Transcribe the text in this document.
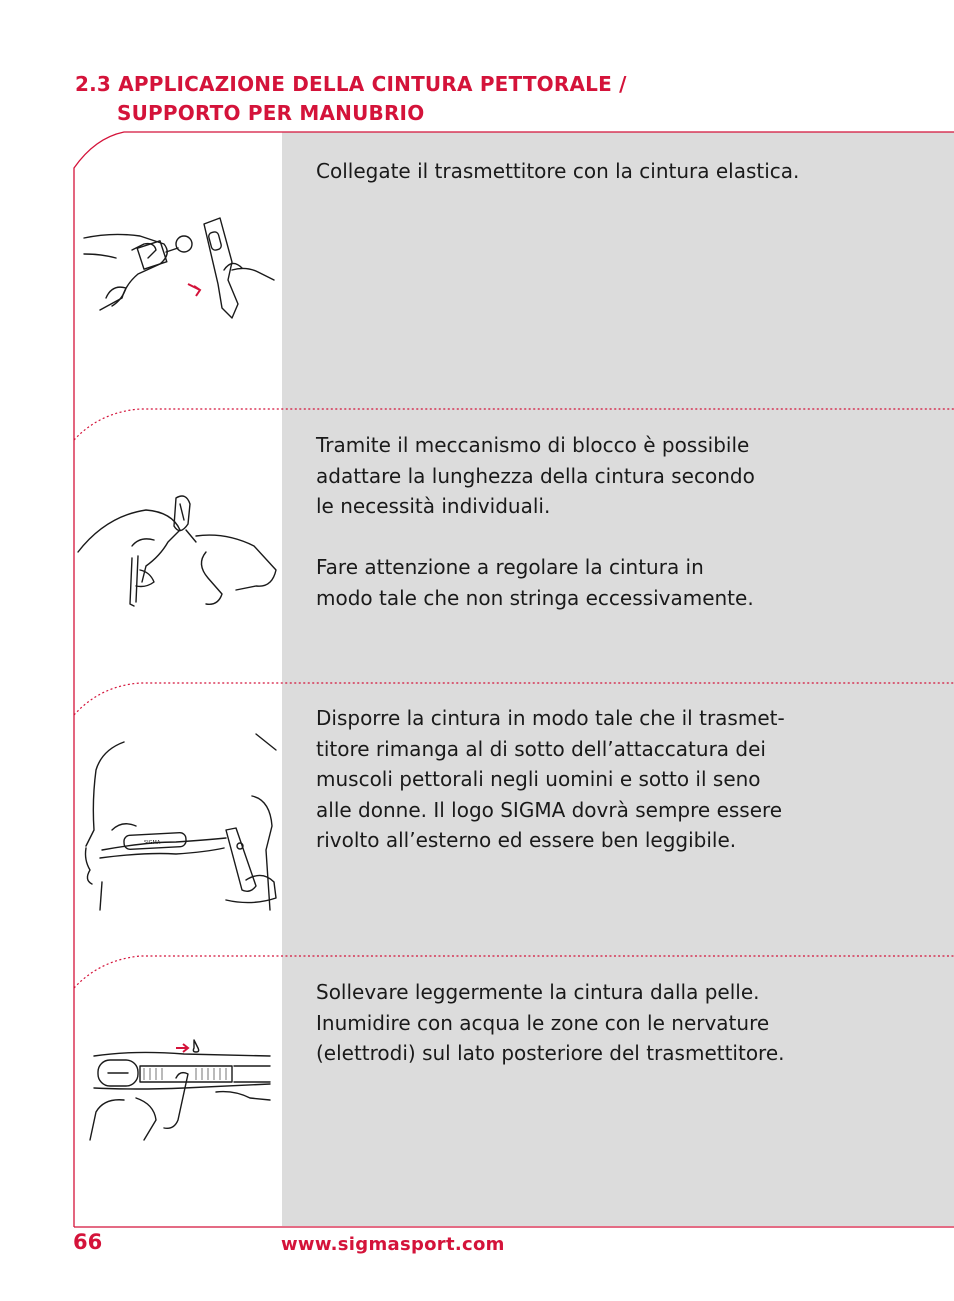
2.3 APPLICAZIONE DELLA CINTURA PETTORALE /
SUPPORTO PER MANUBRIO

Collegate il trasmettitore con la cintura elastica.

Tramite il meccanismo di blocco è possibile
adattare la lunghezza della cintura secondo
le necessità individuali.

Fare attenzione a regolare la cintura in
modo tale che non stringa eccessivamente.

Disporre la cintura in modo tale che il trasmet-
titore rimanga al di sotto dell’attaccatura dei
muscoli pettorali negli uomini e sotto il seno
alle donne. Il logo SIGMA dovrà sempre essere
rivolto all’esterno ed essere ben leggibile.

SIGMA

Sollevare leggermente la cintura dalla pelle.
Inumidire con acqua le zone con le nervature
(elettrodi) sul lato posteriore del trasmettitore.

66	www.sigmasport.com
